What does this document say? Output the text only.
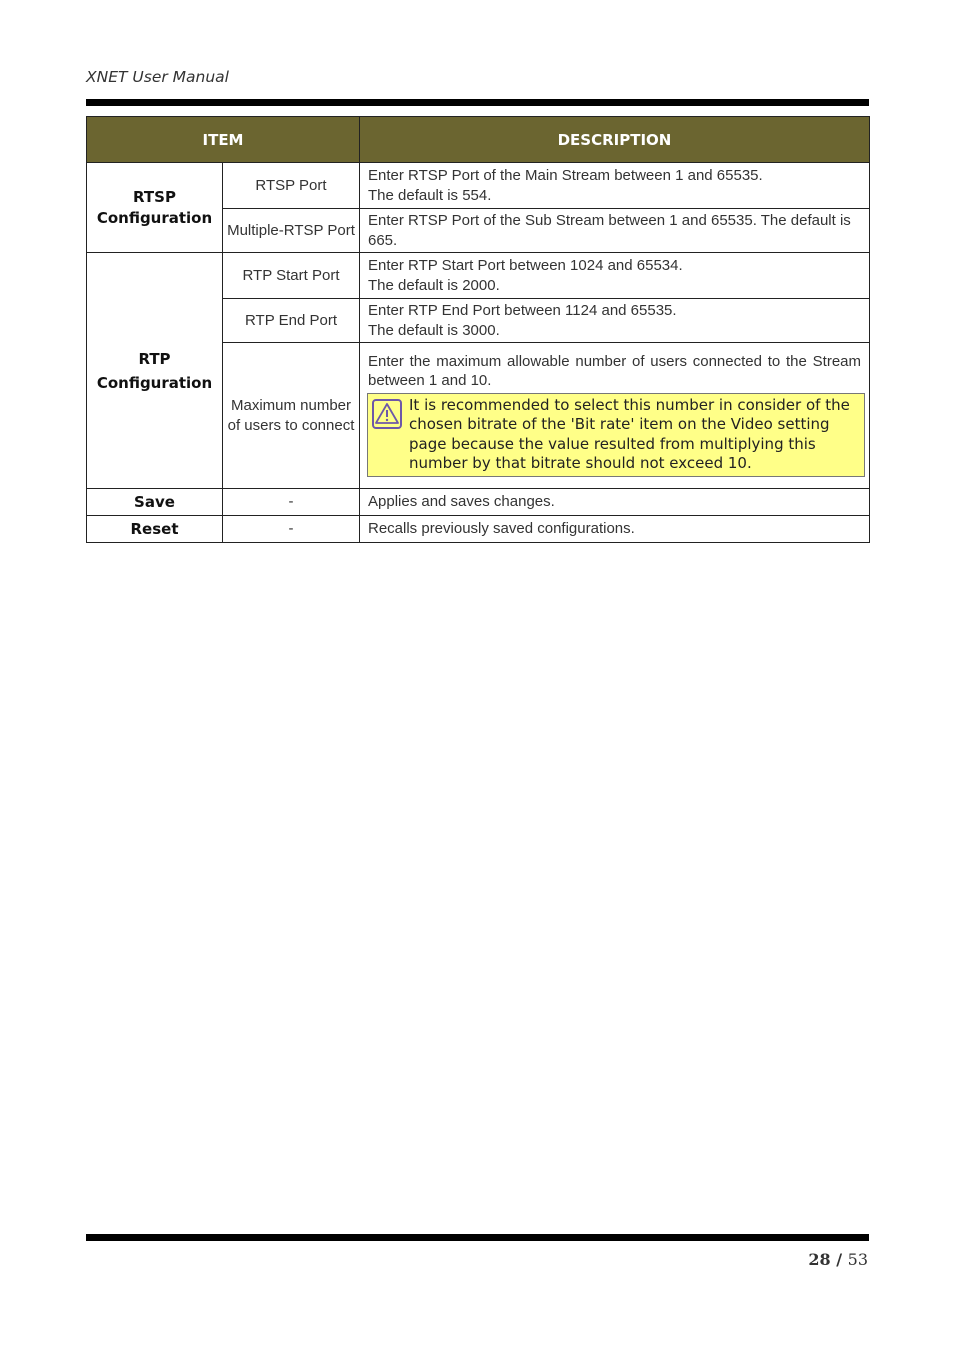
XNET User Manual
ITEM		DESCRIPTION
RTSP Configuration	RTSP Port	Enter RTSP Port of the Main Stream between 1 and 65535.
The default is 554.

	Multiple-RTSP Port	Enter RTSP Port of the Sub Stream between 1 and 65535. The default is 665.

RTP Configuration	RTP Start Port	Enter RTP Start Port between 1024 and 65534.
The default is 2000.

	RTP End Port	Enter RTP End Port between 1124 and 65535.
The default is 3000.

	Maximum number of users to connect	Enter the maximum allowable number of users connected to the Stream between 1 and 10.
It is recommended to select this number in consider of the chosen bitrate of the 'Bit rate' item on the Video setting page because the value resulted from multiplying this number by that bitrate should not exceed 10.

Save	-	Applies and saves changes.
Reset	-	Recalls previously saved configurations.
28 / 53
